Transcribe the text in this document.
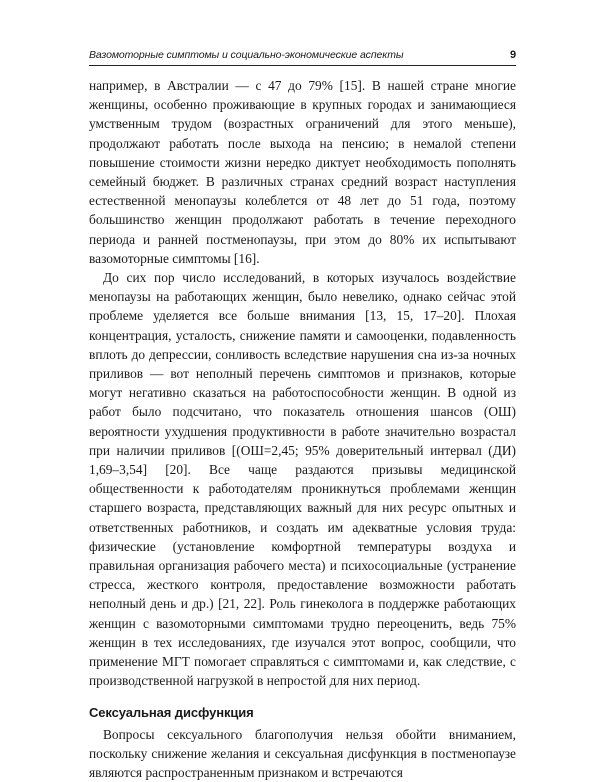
Вазомоторные симптомы и социально-экономические аспекты	9

например, в Австралии — с 47 до 79% [15]. В нашей стране многие женщины, особенно проживающие в крупных городах и занимающиеся умственным трудом (возрастных ограничений для этого меньше), продолжают работать после выхода на пенсию; в немалой степени повышение стоимости жизни нередко диктует необходимость пополнять семейный бюджет. В различных странах средний возраст наступления естественной менопаузы колеблется от 48 лет до 51 года, поэтому большинство женщин продолжают работать в течение переходного периода и ранней постменопаузы, при этом до 80% их испытывают вазомоторные симптомы [16].

До сих пор число исследований, в которых изучалось воздействие менопаузы на работающих женщин, было невелико, однако сейчас этой проблеме уделяется все больше внимания [13, 15, 17–20]. Плохая концентрация, усталость, снижение памяти и самооценки, подавленность вплоть до депрессии, сонливость вследствие нарушения сна из-за ночных приливов — вот неполный перечень симптомов и признаков, которые могут негативно сказаться на работоспособности женщин. В одной из работ было подсчитано, что показатель отношения шансов (ОШ) вероятности ухудшения продуктивности в работе значительно возрастал при наличии приливов [(ОШ=2,45; 95% доверительный интервал (ДИ) 1,69–3,54] [20]. Все чаще раздаются призывы медицинской общественности к работодателям проникнуться проблемами женщин старшего возраста, представляющих важный для них ресурс опытных и ответственных работников, и создать им адекватные условия труда: физические (установление комфортной температуры воздуха и правильная организация рабочего места) и психосоциальные (устранение стресса, жесткого контроля, предоставление возможности работать неполный день и др.) [21, 22]. Роль гинеколога в поддержке работающих женщин с вазомоторными симптомами трудно переоценить, ведь 75% женщин в тех исследованиях, где изучался этот вопрос, сообщили, что применение МГТ помогает справляться с симптомами и, как следствие, с производственной нагрузкой в непростой для них период.

Сексуальная дисфункция

Вопросы сексуального благополучия нельзя обойти вниманием, поскольку снижение желания и сексуальная дисфункция в постменопаузе являются распространенным признаком и встречаются
